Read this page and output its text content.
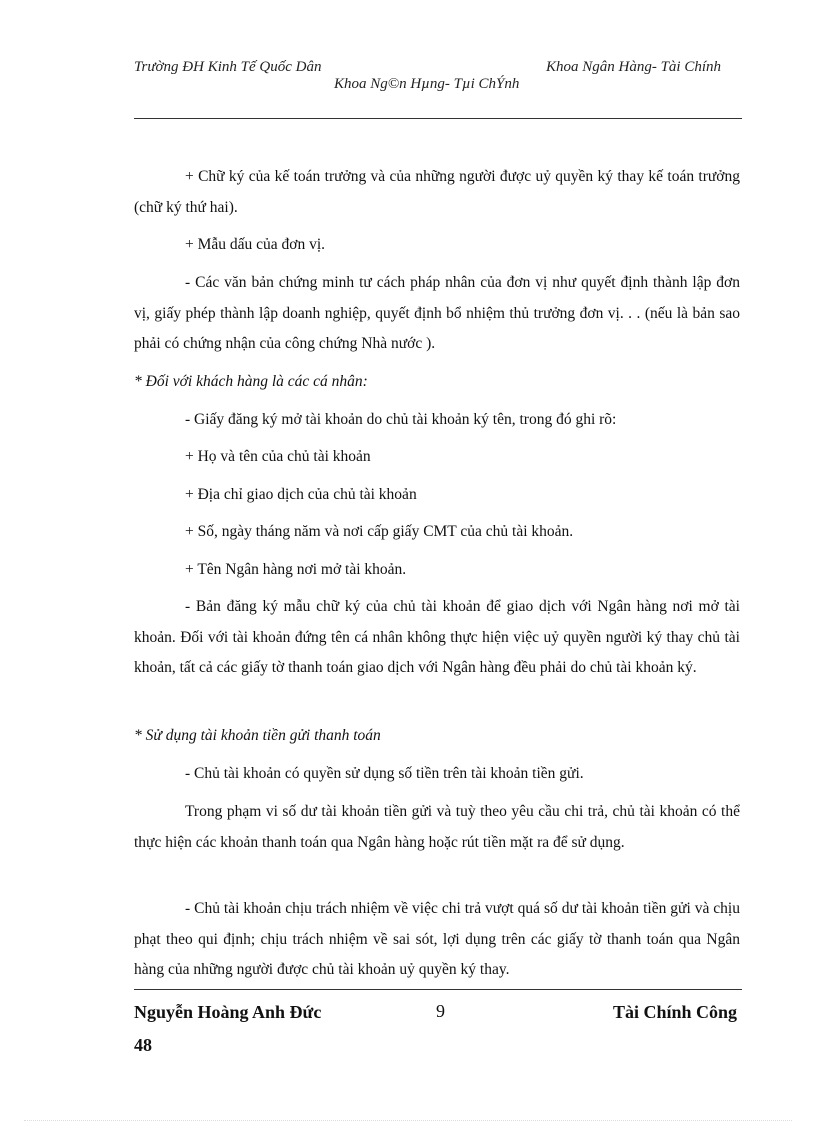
Trường ĐH Kinh Tế Quốc Dân	Khoa Ngân Hàng- Tài Chính
Khoa Ng©n Hµng- Tµi ChÝnh
+ Chữ ký của kế toán trưởng và của những người được uỷ quyền ký thay kế toán trưởng (chữ ký thứ hai).
+ Mẫu dấu của đơn vị.
- Các văn bản chứng minh tư cách pháp nhân của đơn vị như quyết định thành lập đơn vị, giấy phép thành lập doanh nghiệp, quyết định bổ nhiệm thủ trưởng đơn vị. . . (nếu là bản sao phải có chứng nhận của công chứng Nhà nước ).
* Đối với khách hàng là các cá nhân:
- Giấy đăng ký mở tài khoản do chủ tài khoản ký tên, trong đó ghi rõ:
+ Họ và tên của chủ tài khoản
+ Địa chỉ giao dịch của chủ tài khoản
+ Số, ngày tháng năm và nơi cấp giấy CMT của chủ tài khoản.
+ Tên Ngân hàng nơi mở tài khoản.
- Bản đăng ký mẫu chữ ký của chủ tài khoản để giao dịch với Ngân hàng nơi mở tài khoản. Đối với tài khoản đứng tên cá nhân không thực hiện việc uỷ quyền người ký thay chủ tài khoản, tất cả các giấy tờ thanh toán giao dịch với Ngân hàng đều phải do chủ tài khoản ký.
* Sử dụng tài khoản tiền gửi thanh toán
- Chủ tài khoản có quyền sử dụng số tiền trên tài khoản tiền gửi.
Trong phạm vi số dư tài khoản tiền gửi và tuỳ theo yêu cầu chi trả, chủ tài khoản có thể thực hiện các khoản thanh toán qua Ngân hàng hoặc rút tiền mặt ra để sử dụng.
- Chủ tài khoản chịu trách nhiệm về việc chi trả vượt quá số dư tài khoản tiền gửi và chịu phạt theo qui định; chịu trách nhiệm về sai sót, lợi dụng trên các giấy tờ thanh toán qua Ngân hàng của những người được chủ tài khoản uỷ quyền ký thay.
Nguyễn Hoàng Anh Đức	9	Tài Chính Công
48
